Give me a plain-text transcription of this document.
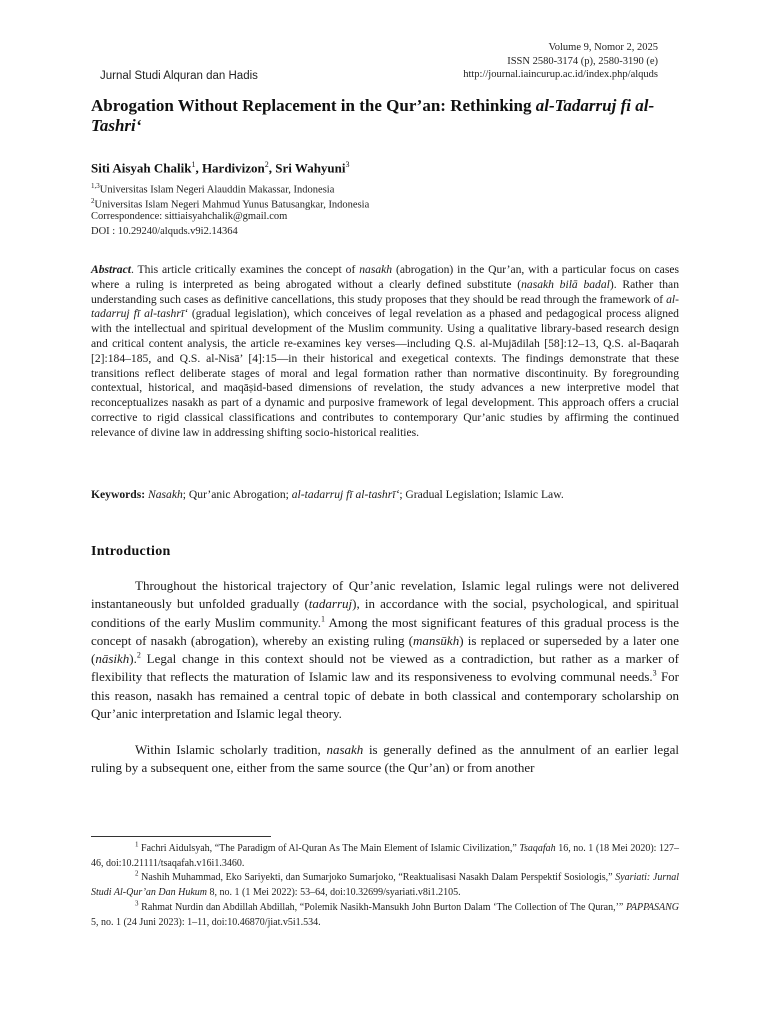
Jurnal Studi Alquran dan Hadis
Volume 9, Nomor 2, 2025
ISSN 2580-3174 (p), 2580-3190 (e)
http://journal.iaincurup.ac.id/index.php/alquds
Abrogation Without Replacement in the Qur’an: Rethinking al-Tadarruj fi al-Tashri‘
Siti Aisyah Chalik$^1$, Hardivizon$^2$, Sri Wahyuni$^3$
$^{1,3}$Universitas Islam Negeri Alauddin Makassar, Indonesia
$^2$Universitas Islam Negeri Mahmud Yunus Batusangkar, Indonesia
Correspondence: sittiaisyahchalik@gmail.com
DOI : 10.29240/alquds.v9i2.14364
Abstract. This article critically examines the concept of nasakh (abrogation) in the Qur’an, with a particular focus on cases where a ruling is interpreted as being abrogated without a clearly defined substitute (nasakh bilā badal). Rather than understanding such cases as definitive cancellations, this study proposes that they should be read through the framework of al-tadarruj fī al-tashrī‘ (gradual legislation), which conceives of legal revelation as a phased and pedagogical process aligned with the intellectual and spiritual development of the Muslim community. Using a qualitative library-based research design and critical content analysis, the article re-examines key verses—including Q.S. al-Mujādilah [58]:12–13, Q.S. al-Baqarah [2]:184–185, and Q.S. al-Nisā’ [4]:15—in their historical and exegetical contexts. The findings demonstrate that these transitions reflect deliberate stages of moral and legal formation rather than normative discontinuity. By foregrounding contextual, historical, and maqāṣid-based dimensions of revelation, the study advances a new interpretive model that reconceptualizes nasakh as part of a dynamic and purposive framework of legal development. This approach offers a crucial corrective to rigid classical classifications and contributes to contemporary Qur’anic studies by affirming the continued relevance of divine law in addressing shifting socio-historical realities.
Keywords: Nasakh; Qur’anic Abrogation; al-tadarruj fī al-tashrī‘; Gradual Legislation; Islamic Law.
Introduction

Throughout the historical trajectory of Qur’anic revelation, Islamic legal rulings were not delivered instantaneously but unfolded gradually (tadarruj), in accordance with the social, psychological, and spiritual conditions of the early Muslim community.$^1$ Among the most significant features of this gradual process is the concept of nasakh (abrogation), whereby an existing ruling (mansūkh) is replaced or superseded by a later one (nāsikh).$^2$ Legal change in this context should not be viewed as a contradiction, but rather as a marker of flexibility that reflects the maturation of Islamic law and its responsiveness to evolving communal needs.$^3$ For this reason, nasakh has remained a central topic of debate in both classical and contemporary scholarship on Qur’anic interpretation and Islamic legal theory.

Within Islamic scholarly tradition, nasakh is generally defined as the annulment of an earlier legal ruling by a subsequent one, either from the same source (the Qur’an) or from another

$^1$ Fachri Aidulsyah, “The Paradigm of Al-Quran As The Main Element of Islamic Civilization,” Tsaqafah 16, no. 1 (18 Mei 2020): 127–46, doi:10.21111/tsaqafah.v16i1.3460.

$^2$ Nashih Muhammad, Eko Sariyekti, dan Sumarjoko Sumarjoko, “Reaktualisasi Nasakh Dalam Perspektif Sosiologis,” Syariati: Jurnal Studi Al-Qur’an Dan Hukum 8, no. 1 (1 Mei 2022): 53–64, doi:10.32699/syariati.v8i1.2105.

$^3$ Rahmat Nurdin dan Abdillah Abdillah, “Polemik Nasikh-Mansukh John Burton Dalam ‘The Collection of The Quran,’” PAPPASANG 5, no. 1 (24 Juni 2023): 1–11, doi:10.46870/jiat.v5i1.534.
